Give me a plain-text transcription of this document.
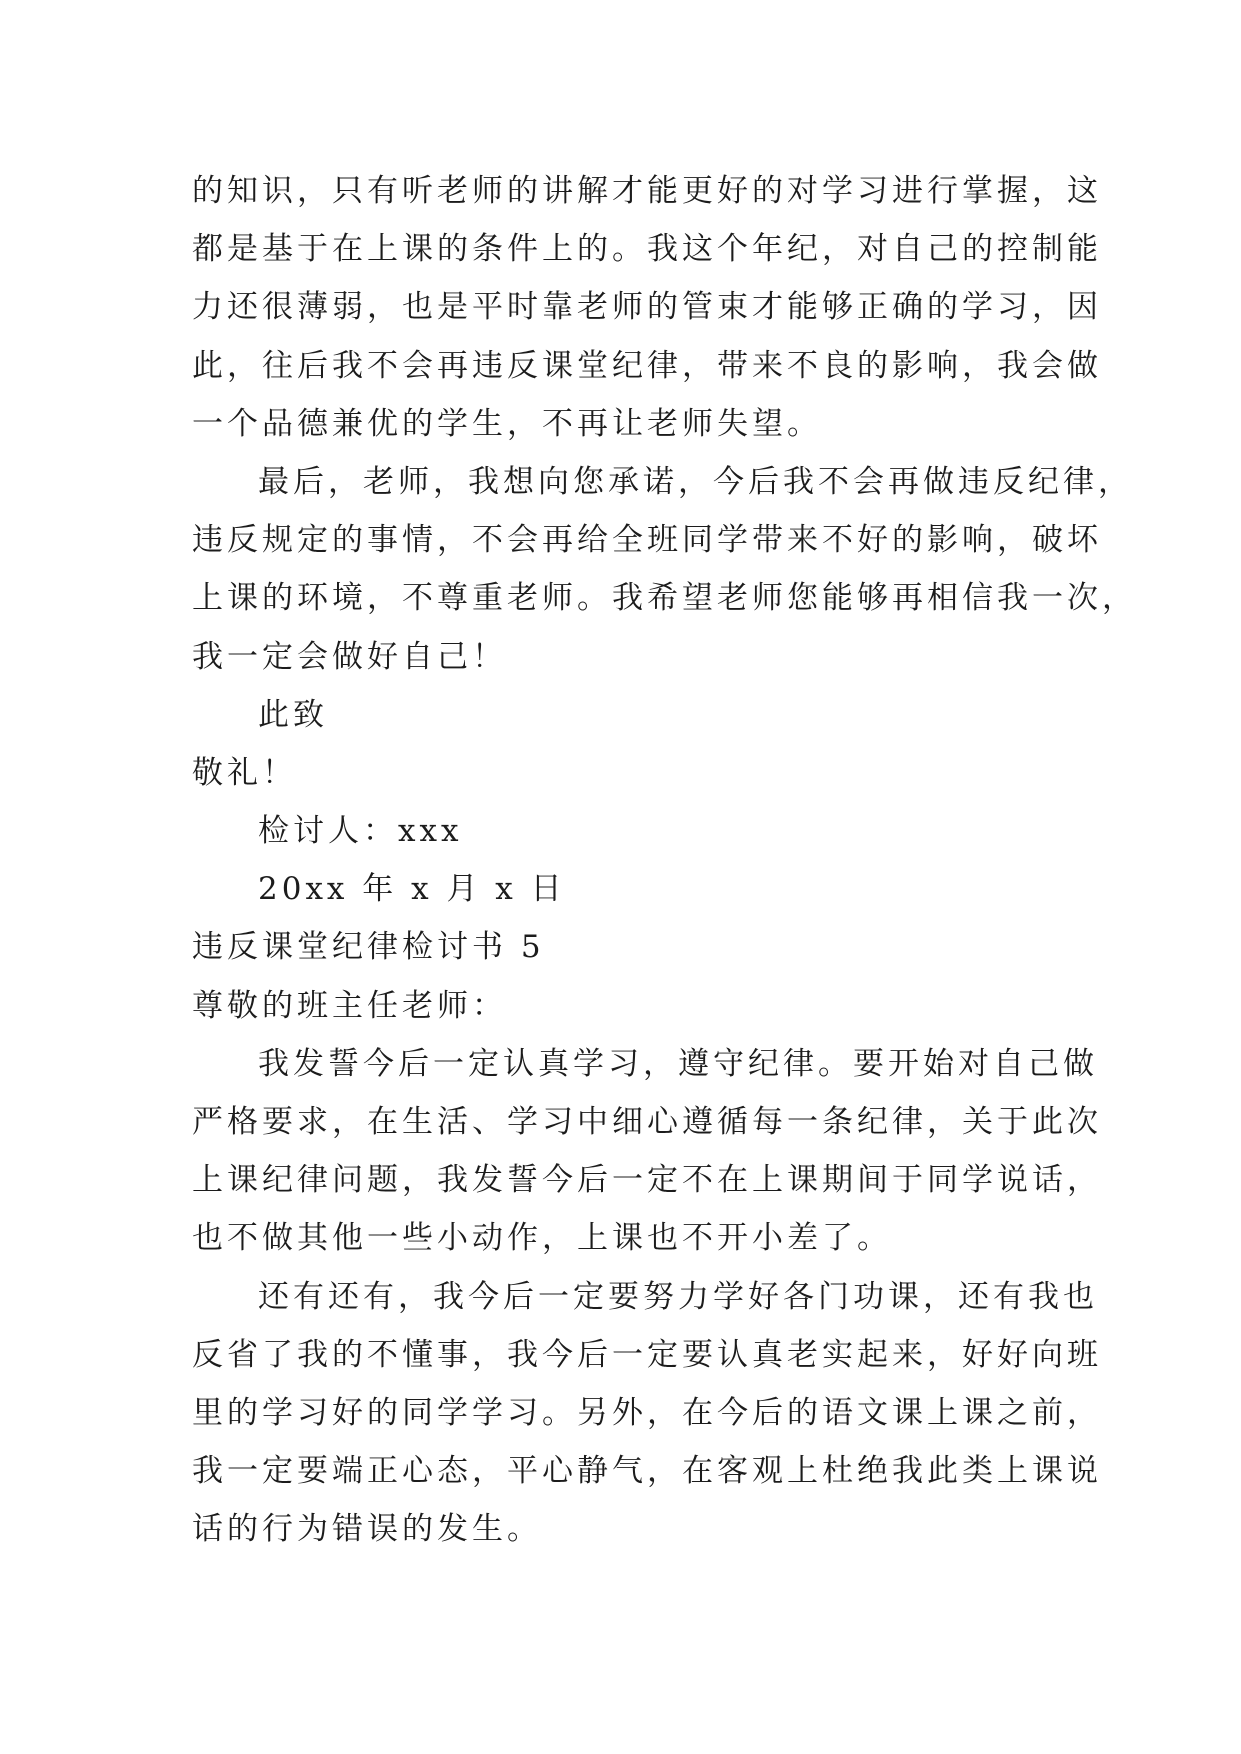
的知识，只有听老师的讲解才能更好的对学习进行掌握，这
都是基于在上课的条件上的。我这个年纪，对自己的控制能
力还很薄弱，也是平时靠老师的管束才能够正确的学习，因
此，往后我不会再违反课堂纪律，带来不良的影响，我会做
一个品德兼优的学生，不再让老师失望。
最后，老师，我想向您承诺，今后我不会再做违反纪律，
违反规定的事情，不会再给全班同学带来不好的影响，破坏
上课的环境，不尊重老师。我希望老师您能够再相信我一次，
我一定会做好自己！
此致
敬礼！
检讨人：xxx
20xx 年 x 月 x 日
违反课堂纪律检讨书 5
尊敬的班主任老师：
我发誓今后一定认真学习，遵守纪律。要开始对自己做
严格要求，在生活、学习中细心遵循每一条纪律，关于此次
上课纪律问题，我发誓今后一定不在上课期间于同学说话，
也不做其他一些小动作，上课也不开小差了。
还有还有，我今后一定要努力学好各门功课，还有我也
反省了我的不懂事，我今后一定要认真老实起来，好好向班
里的学习好的同学学习。另外，在今后的语文课上课之前，
我一定要端正心态，平心静气，在客观上杜绝我此类上课说
话的行为错误的发生。
